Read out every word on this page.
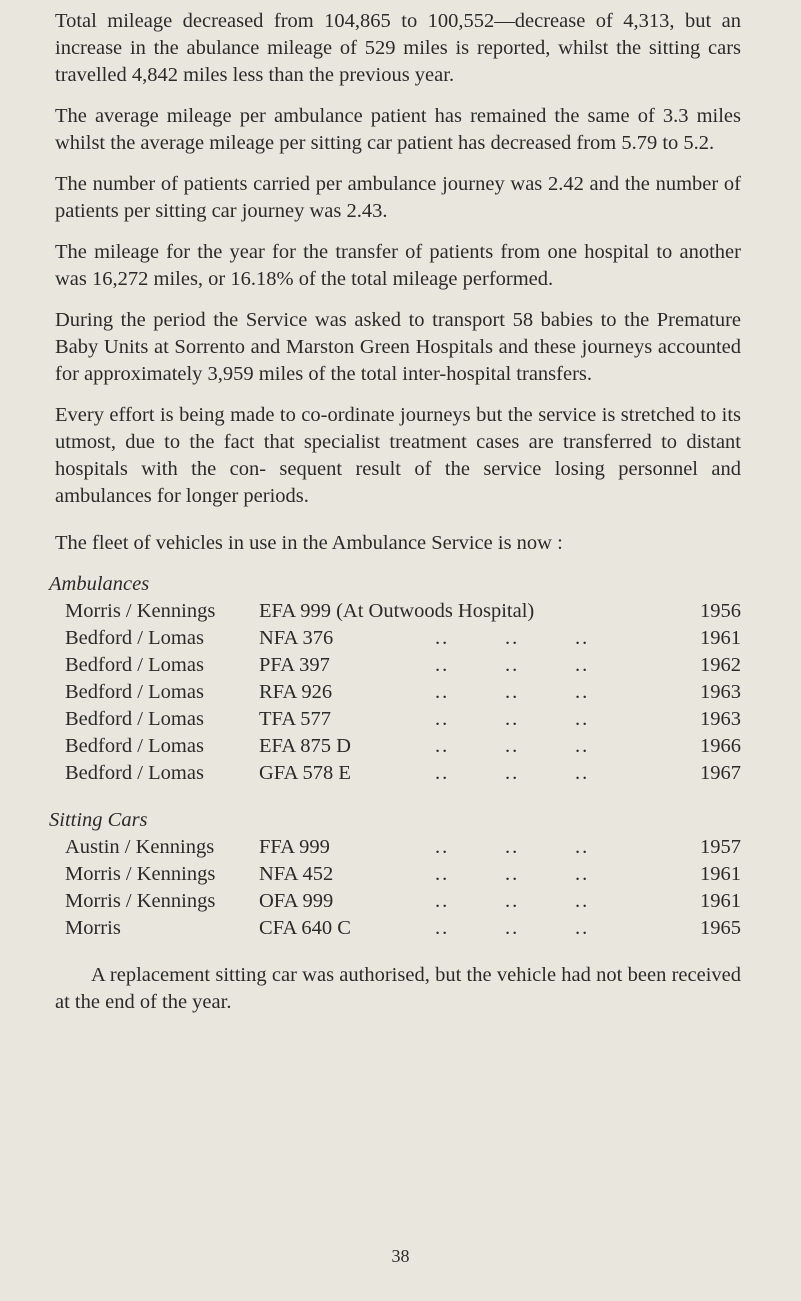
Total mileage decreased from 104,865 to 100,552—decrease of 4,313, but an increase in the abulance mileage of 529 miles is reported, whilst the sitting cars travelled 4,842 miles less than the previous year.

The average mileage per ambulance patient has remained the same of 3.3 miles whilst the average mileage per sitting car patient has decreased from 5.79 to 5.2.

The number of patients carried per ambulance journey was 2.42 and the number of patients per sitting car journey was 2.43.

The mileage for the year for the transfer of patients from one hospital to another was 16,272 miles, or 16.18% of the total mileage performed.

During the period the Service was asked to transport 58 babies to the Premature Baby Units at Sorrento and Marston Green Hospitals and these journeys accounted for approximately 3,959 miles of the total inter-hospital transfers.

Every effort is being made to co-ordinate journeys but the service is stretched to its utmost, due to the fact that specialist treatment cases are transferred to distant hospitals with the con- sequent result of the service losing personnel and ambulances for longer periods.

The fleet of vehicles in use in the Ambulance Service is now :

Ambulances
Morris / Kennings EFA 999 (At Outwoods Hospital)	1956
Bedford / Lomas	NFA 376	..	..	..	1961
Bedford / Lomas	PFA 397	..	..	..	1962
Bedford / Lomas	RFA 926	..	..	..	1963
Bedford / Lomas	TFA 577	..	..	..	1963
Bedford / Lomas	EFA 875 D	..	..	..	1966
Bedford / Lomas	GFA 578 E	..	..	..	1967
Sitting Cars
Austin / Kennings FFA 999	..	..	..	1957
Morris / Kennings NFA 452	..	..	..	1961
Morris / Kennings OFA 999	..	..	..	1961
Morris	CFA 640 C	..	..	..	1965

A replacement sitting car was authorised, but the vehicle had not been received at the end of the year.

38
